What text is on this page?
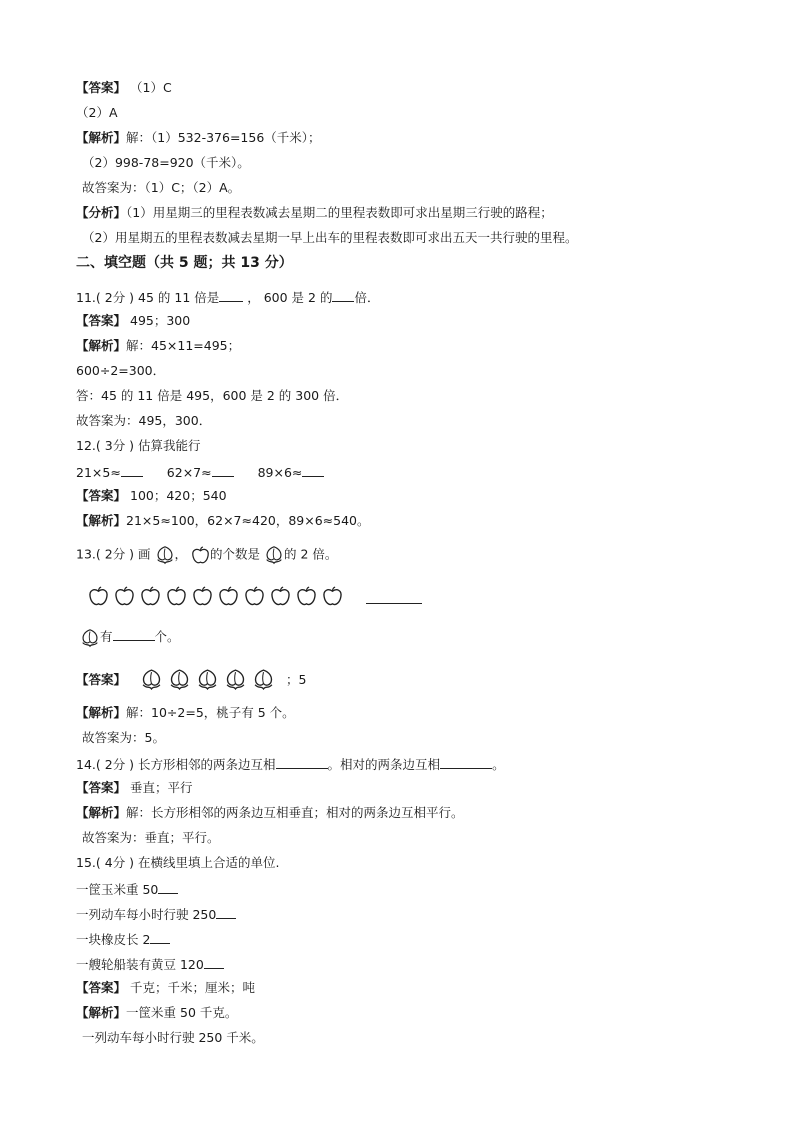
【答案】 （1）C
（2）A
【解析】解：（1）532-376=156（千米）；
（2）998-78=920（千米）。
故答案为：（1）C；（2）A。
【分析】（1）用星期三的里程表数减去星期二的里程表数即可求出星期三行驶的路程；
（2）用星期五的里程表数减去星期一早上出车的里程表数即可求出五天一共行驶的里程。
二、填空题（共 5 题；共 13 分）
11.( 2分 ) 45 的 11 倍是 ， 600 是 2 的 倍．
【答案】 495；300
【解析】解：45×11=495；
600÷2=300．
答：45 的 11 倍是 495，600 是 2 的 300 倍．
故答案为：495，300．
12.( 3分 ) 估算我能行
21×5≈	62×7≈	89×6≈
【答案】 100；420；540
【解析】21×5≈100，62×7≈420，89×6≈540。
13.( 2分 ) 画 ， 的个数是 的 2 倍。
有	个。
【答案】	；5
【解析】解：10÷2=5，桃子有 5 个。
故答案为：5。
14.( 2分 ) 长方形相邻的两条边互相	。相对的两条边互相	。
【答案】 垂直；平行
【解析】解：长方形相邻的两条边互相垂直；相对的两条边互相平行。
故答案为：垂直；平行。
15.( 4分 ) 在横线里填上合适的单位.
一筐玉米重 50
一列动车每小时行驶 250
一块橡皮长 2
一艘轮船装有黄豆 120
【答案】 千克；千米；厘米；吨
【解析】一筐米重 50 千克。
一列动车每小时行驶 250 千米。
